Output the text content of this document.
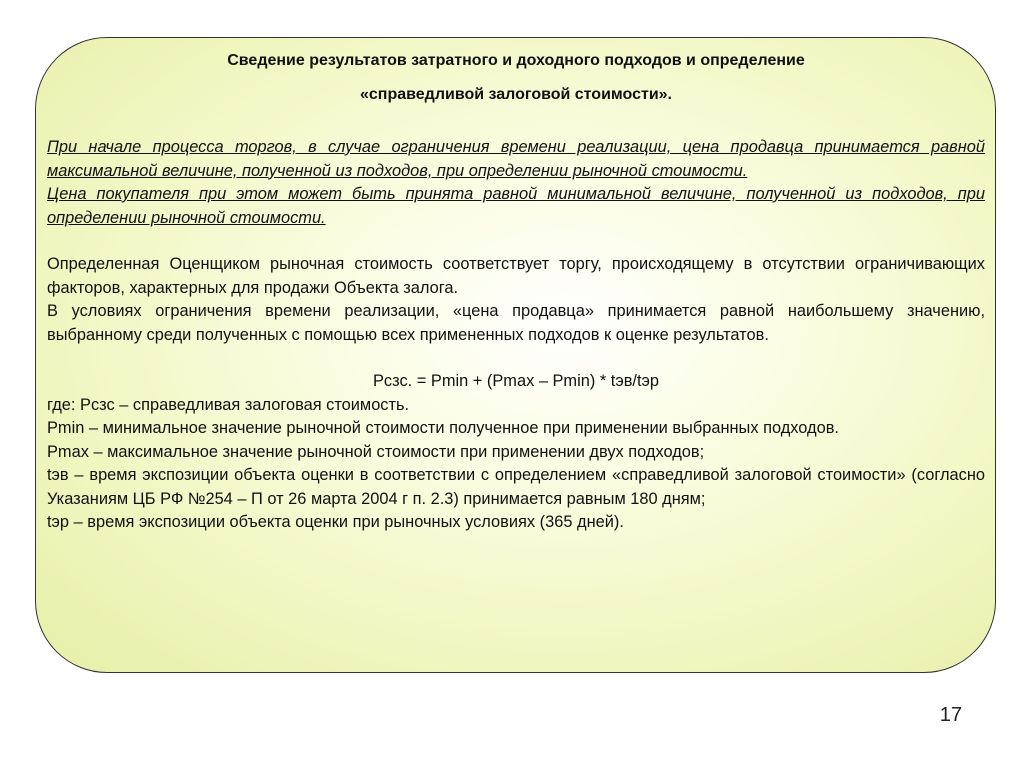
Сведение результатов затратного и доходного подходов и определение

«справедливой залоговой стоимости».

При начале процесса торгов, в случае ограничения времени реализации, цена продавца принимается равной максимальной величине, полученной из подходов, при определении рыночной стоимости.

Цена покупателя при этом может быть принята равной минимальной величине, полученной из подходов, при определении рыночной стоимости.

Определенная Оценщиком рыночная стоимость соответствует торгу, происходящему в отсутствии ограничивающих факторов, характерных для продажи Объекта залога.

В условиях ограничения времени реализации, «цена продавца» принимается равной наибольшему значению, выбранному среди полученных с помощью всех примененных подходов к оценке результатов.

Рсзс. = Рmin + (Рmax – Рmin) * tэв/tэр

где: Рсзс – справедливая залоговая стоимость.

Рmin – минимальное значение рыночной стоимости полученное при применении выбранных подходов.

Рmax – максимальное значение рыночной стоимости при применении двух подходов;

tэв – время экспозиции объекта оценки в соответствии с определением «справедливой залоговой стоимости» (согласно Указаниям ЦБ РФ №254 – П от 26 марта 2004 г п. 2.3) принимается равным 180 дням;

tэр – время экспозиции объекта оценки при рыночных условиях (365 дней).

17
